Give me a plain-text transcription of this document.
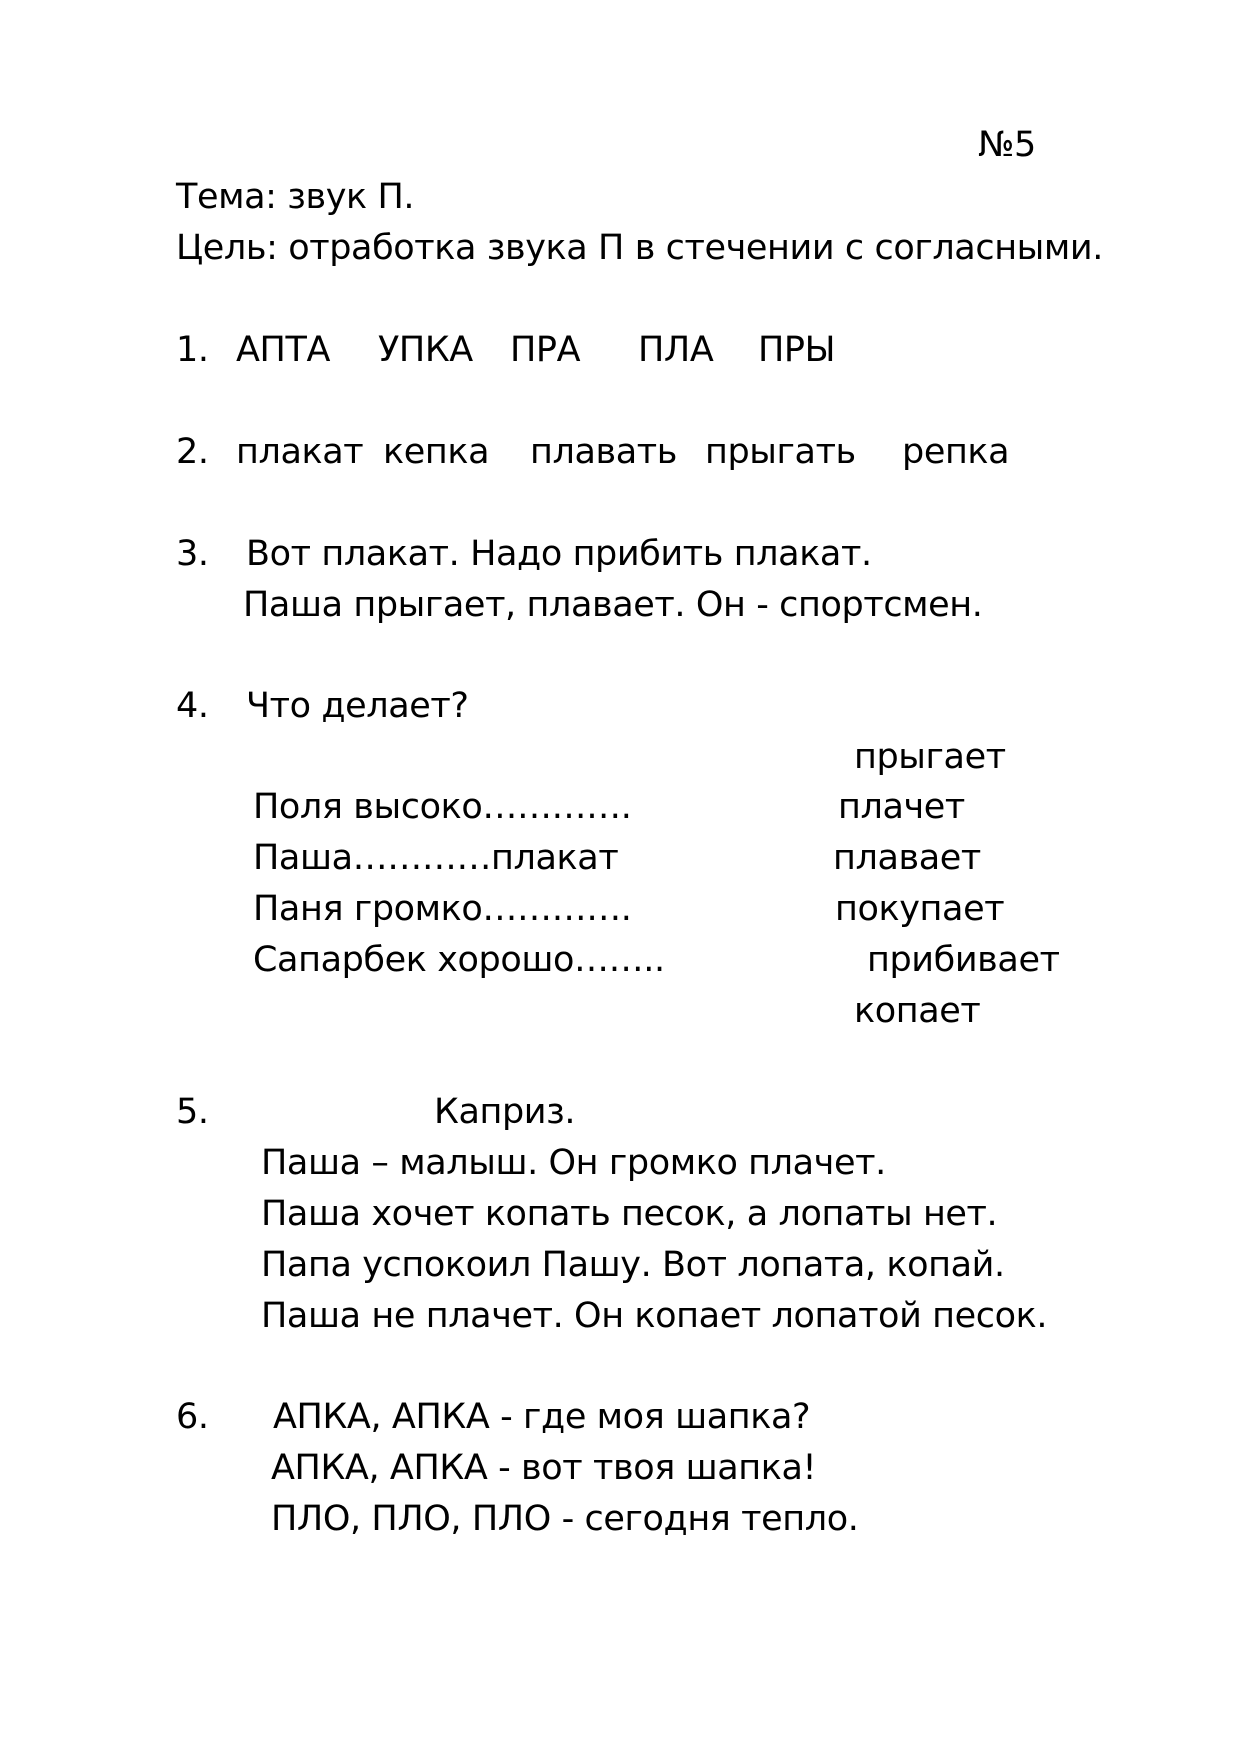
№5
Тема: звук П.
Цель: отработка звука П в стечении с согласными.
1. АПТА УПКА ПРА ПЛА ПРЫ
2. плакат кепка плавать прыгать репка
3. Вот плакат. Надо прибить плакат.
Паша прыгает, плавает. Он - спортсмен.
4. Что делает?
Поля высоко………….
Паша…………плакат
Паня громко………….
Сапарбек хорошо……..
прыгает
плачет
плавает
покупает
прибивает
копает
5.	Каприз.
Паша – малыш. Он громко плачет.
Паша хочет копать песок, а лопаты нет.
Папа успокоил Пашу. Вот лопата, копай.
Паша не плачет. Он копает лопатой песок.
6. АПКА, АПКА - где моя шапка?
АПКА, АПКА - вот твоя шапка!
ПЛО, ПЛО, ПЛО - сегодня тепло.
